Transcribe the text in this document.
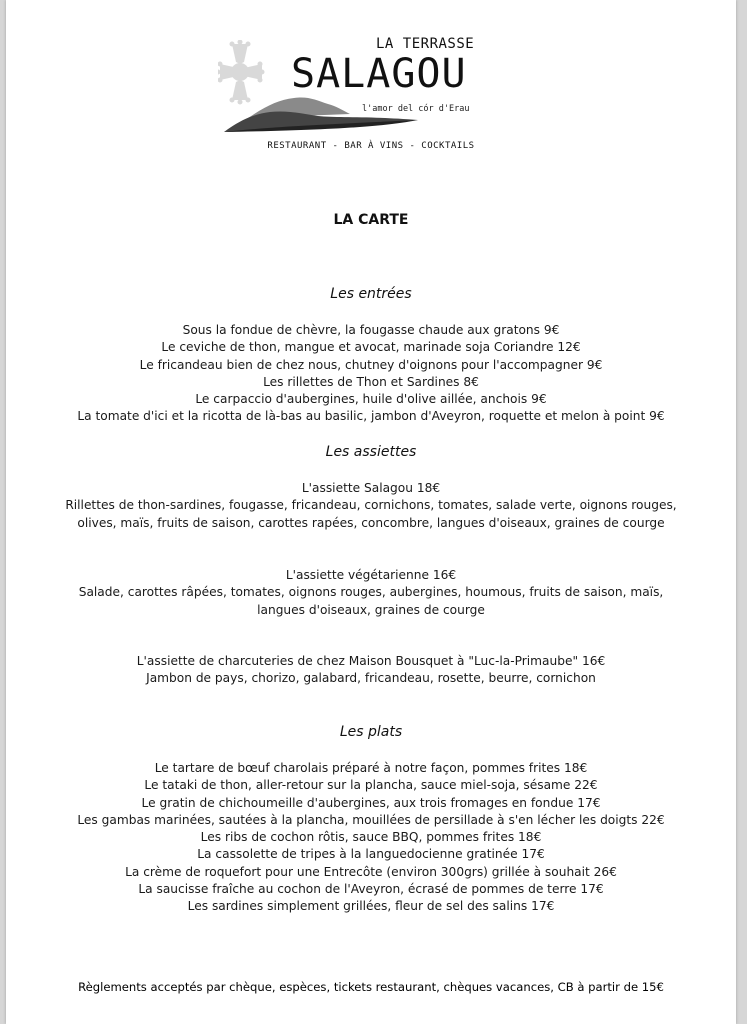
LA TERRASSE
SALAGOU
l'amor del cór d'Erau
RESTAURANT - BAR À VINS - COCKTAILS
LA CARTE
Les entrées
Sous la fondue de chèvre, la fougasse chaude aux gratons 9€
Le ceviche de thon, mangue et avocat, marinade soja Coriandre 12€
Le fricandeau bien de chez nous, chutney d'oignons pour l'accompagner 9€
Les rillettes de Thon et Sardines 8€
Le carpaccio d'aubergines, huile d'olive aillée, anchois 9€
La tomate d'ici et la ricotta de là-bas au basilic, jambon d'Aveyron, roquette et melon à point 9€
Les assiettes
L'assiette Salagou 18€
Rillettes de thon-sardines, fougasse, fricandeau, cornichons, tomates, salade verte, oignons rouges,
olives, maïs, fruits de saison, carottes rapées, concombre, langues d'oiseaux, graines de courge
L'assiette végétarienne 16€
Salade, carottes râpées, tomates, oignons rouges, aubergines, houmous, fruits de saison, maïs,
langues d'oiseaux, graines de courge
L'assiette de charcuteries de chez Maison Bousquet à "Luc-la-Primaube" 16€
Jambon de pays, chorizo, galabard, fricandeau, rosette, beurre, cornichon
Les plats
Le tartare de bœuf charolais préparé à notre façon, pommes frites 18€
Le tataki de thon, aller-retour sur la plancha, sauce miel-soja, sésame 22€
Le gratin de chichoumeille d'aubergines, aux trois fromages en fondue 17€
Les gambas marinées, sautées à la plancha, mouillées de persillade à s'en lécher les doigts 22€
Les ribs de cochon rôtis, sauce BBQ, pommes frites 18€
La cassolette de tripes à la languedocienne gratinée 17€
La crème de roquefort pour une Entrecôte (environ 300grs) grillée à souhait 26€
La saucisse fraîche au cochon de l'Aveyron, écrasé de pommes de terre 17€
Les sardines simplement grillées, fleur de sel des salins 17€
Règlements acceptés par chèque, espèces, tickets restaurant, chèques vacances, CB à partir de 15€
